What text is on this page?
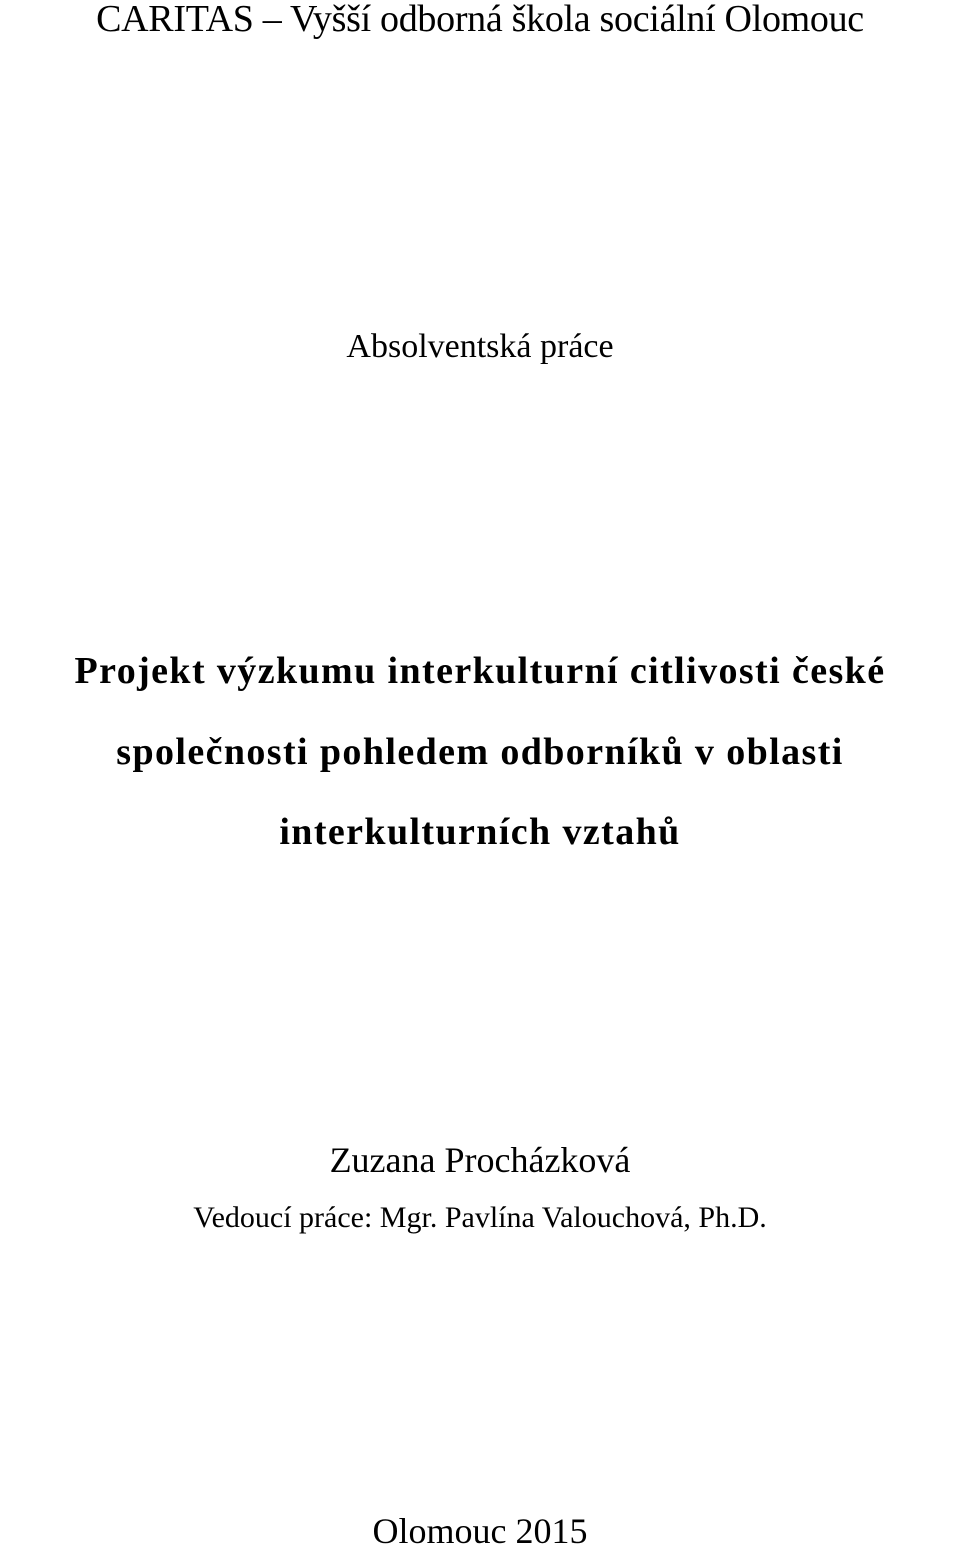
CARITAS – Vyšší odborná škola sociální Olomouc
Absolventská práce
Projekt výzkumu interkulturní citlivosti české
společnosti pohledem odborníků v oblasti
interkulturních vztahů
Zuzana Procházková
Vedoucí práce: Mgr. Pavlína Valouchová, Ph.D.
Olomouc 2015
